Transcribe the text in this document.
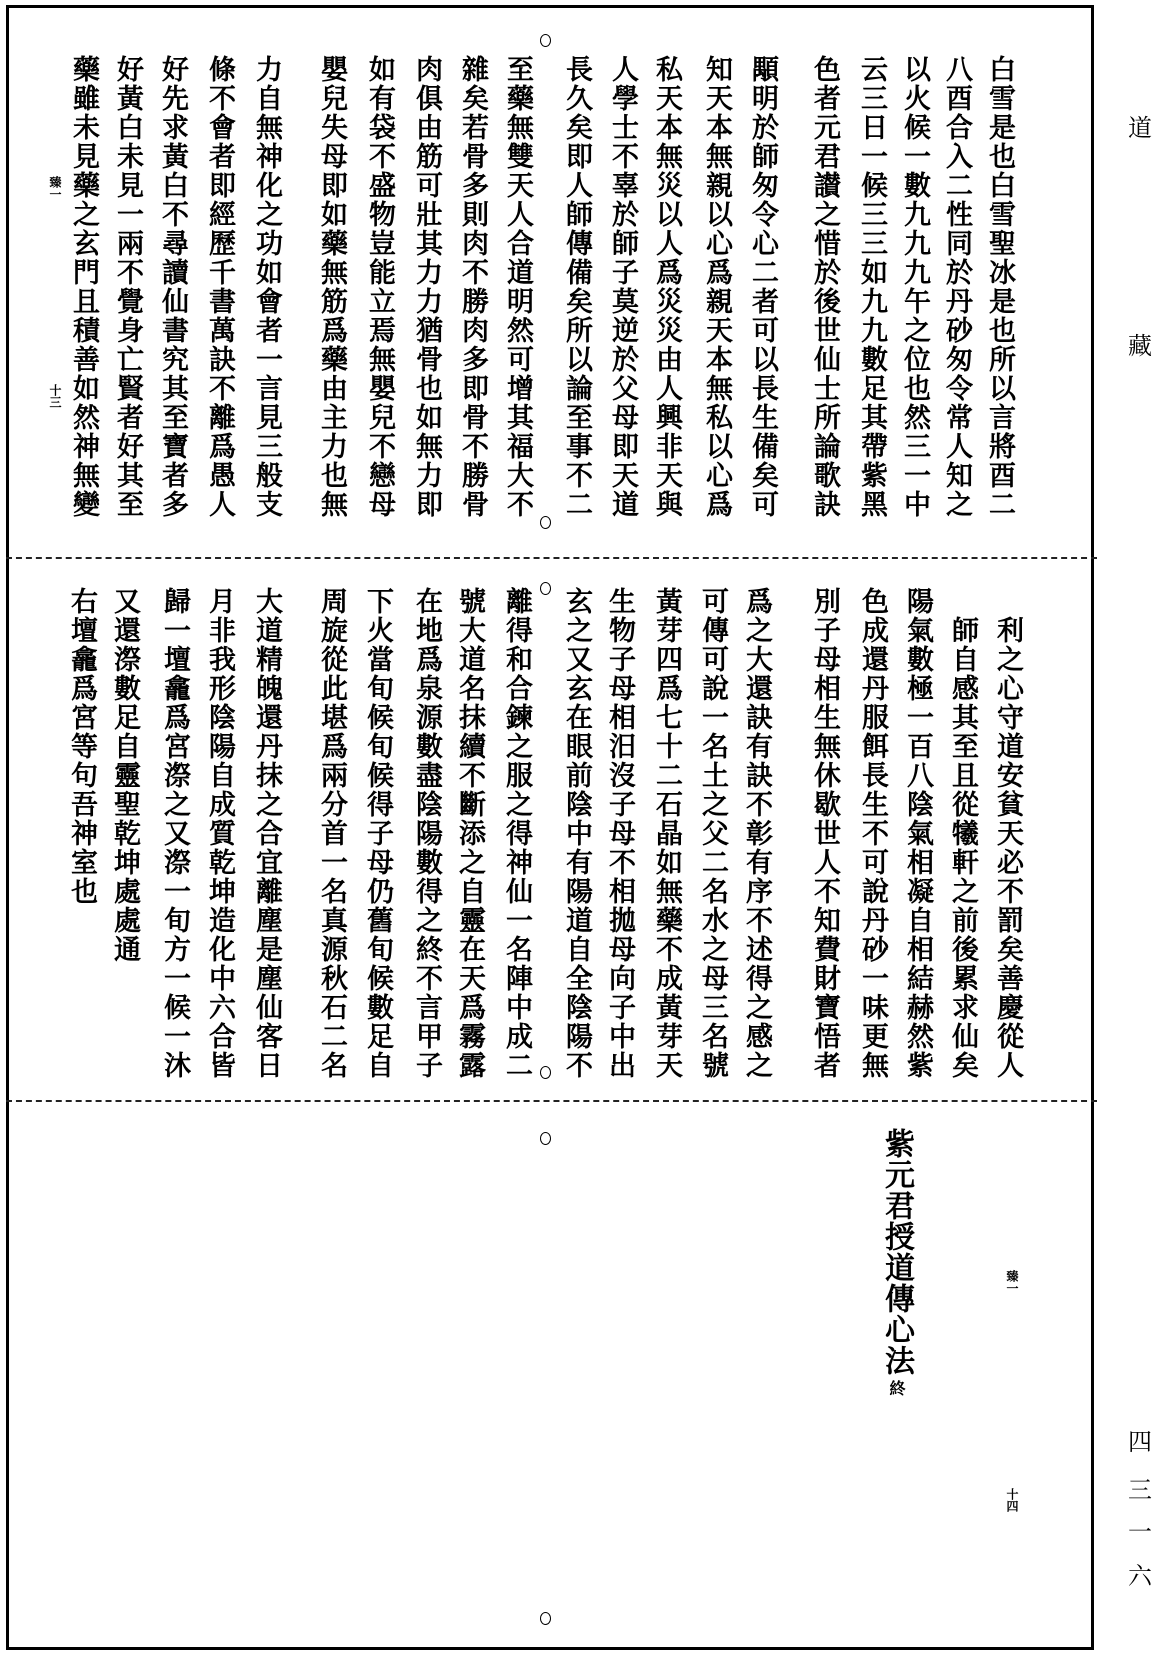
白雪是也白雪聖冰是也所以言將酉二
八酉合入二性同於丹砂匆令常人知之
以火候一數九九九午之位也然三一中
云三日一候三三如九九數足其帶紫黑
色者元君讃之惜於後世仙士所論歌訣
顒明於師匆令心二者可以長生備矣可
知天本無親以心爲親天本無私以心爲
私天本無災以人爲災災由人興非天與
人學士不辜於師子莫逆於父母即天道
長久矣即人師傳備矣所以論至事不二
至藥無雙天人合道明然可增其福大不
雜矣若骨多則肉不勝肉多即骨不勝骨
肉俱由筋可壯其力力猶骨也如無力即
如有袋不盛物豈能立焉無嬰兒不戀母
嬰兒失母即如藥無筋爲藥由主力也無
力自無神化之功如會者一言見三般支
條不會者即經歷千書萬訣不離爲愚人
好先求黃白不尋讀仙書究其至寶者多
好黃白未見一兩不覺身亡賢者好其至
藥雖未見藥之玄門且積善如然神無變
利之心守道安貧天必不罰矣善慶從人
師自感其至且從犧軒之前後累求仙矣
陽氣數極一百八陰氣相凝自相結赫然紫
色成還丹服餌長生不可說丹砂一味更無
別子母相生無休歇世人不知費財寶悟者
爲之大還訣有訣不彰有序不述得之感之
可傳可說一名土之父二名水之母三名號
黃芽四爲七十二石晶如無藥不成黃芽天
生物子母相汨沒子母不相拋母向子中出
玄之又玄在眼前陰中有陽道自全陰陽不
離得和合鍊之服之得神仙一名陣中成二
號大道名抹續不斷添之自靈在天爲霧露
在地爲泉源數盡陰陽數得之終不言甲子
下火當旬候旬候得子母仍舊旬候數足自
周旋從此堪爲兩分首一名真源秋石二名
大道精魄還丹抹之合宜離塵是塵仙客日
月非我形陰陽自成質乾坤造化中六合皆
歸一壇龕爲宮漈之又漈一旬方一候一沐
又還漈數足自靈聖乾坤處處通
右壇龕爲宮等句吾神室也
臻一
十三
紫元君授道傳心法終
臻一
十四
道
藏
四
三
一
六
